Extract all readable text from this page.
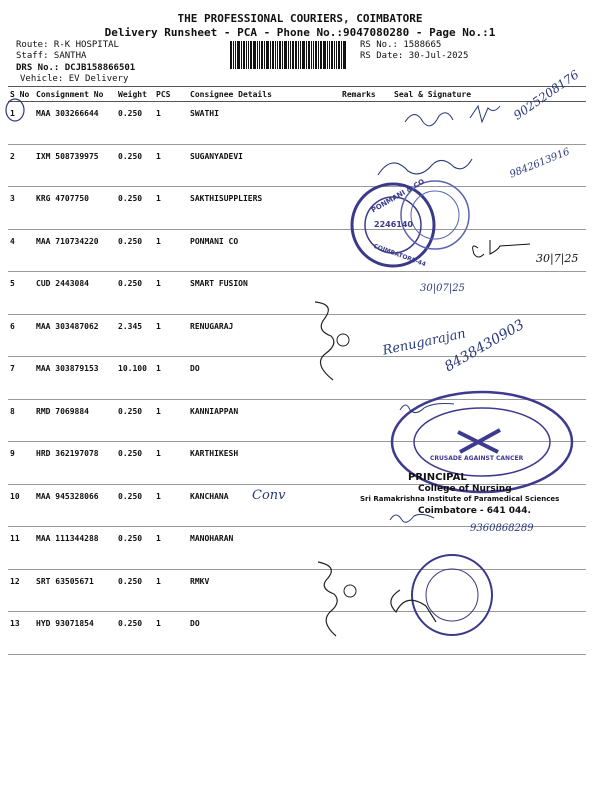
THE PROFESSIONAL COURIERS, COIMBATORE
Delivery Runsheet - PCA - Phone No.:9047080280 - Page No.:1
Route: R-K HOSPITAL
Staff: SANTHA
DRS No.: DCJB158866501
Vehicle: EV Delivery
RS No.: 1588665
RS Date: 30-Jul-2025
S No	Consignment No	Weight	PCS	Consignee Details	Remarks	Seal & Signature
1	MAA 303266644	0.250	1	SWATHI		
2	IXM 508739975	0.250	1	SUGANYADEVI		
3	KRG 4707750	0.250	1	SAKTHISUPPLIERS		
4	MAA 710734220	0.250	1	PONMANI CO		
5	CUD 2443084	0.250	1	SMART FUSION		
6	MAA 303487062	2.345	1	RENUGARAJ		
7	MAA 303879153	10.100	1	DO		
8	RMD 7069884	0.250	1	KANNIAPPAN		
9	HRD 362197078	0.250	1	KARTHIKESH		
10	MAA 945328066	0.250	1	KANCHANA		
11	MAA 111344288	0.250	1	MANOHARAN		
12	SRT 63505671	0.250	1	RMKV		
13	HYD 93071854	0.250	1	DO		
9025208176
9842613916
30|7|25
30|07|25
Renugarajan
8438430903
9360868289
Conv
PONMANI & CO
2246140
COIMBATORE-44
CRUSADE AGAINST CANCER
PRINCIPAL
College of Nursing
Sri Ramakrishna Institute of Paramedical Sciences
Coimbatore - 641 044.
